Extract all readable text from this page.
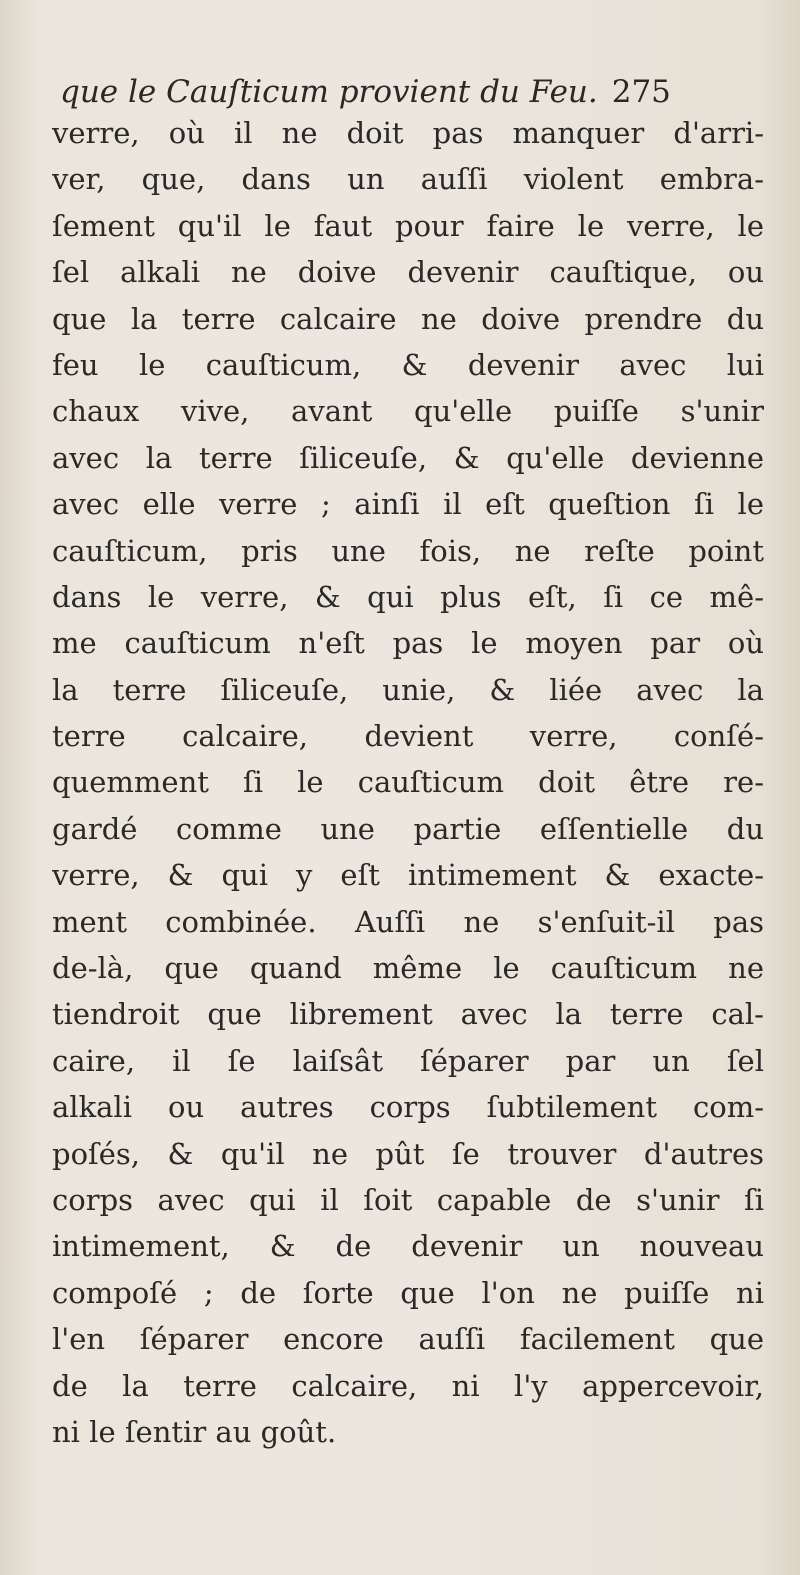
que le Cauſticum provient du Feu. 275
verre, où il ne doit pas manquer d'arri-
ver, que, dans un auſſi violent embra-
ſement qu'il le faut pour faire le verre, le
ſel alkali ne doive devenir cauſtique, ou
que la terre calcaire ne doive prendre du
feu le cauſticum, & devenir avec lui
chaux vive, avant qu'elle puiſſe s'unir
avec la terre ſiliceuſe, & qu'elle devienne
avec elle verre ; ainſi il eſt queſtion ſi le
cauſticum, pris une fois, ne reſte point
dans le verre, & qui plus eſt, ſi ce mê-
me cauſticum n'eſt pas le moyen par où
la terre ſiliceuſe, unie, & liée avec la
terre calcaire, devient verre, conſé-
quemment ſi le cauſticum doit être re-
gardé comme une partie eſſentielle du
verre, & qui y eſt intimement & exacte-
ment combinée. Auſſi ne s'enſuit-il pas
de-là, que quand même le cauſticum ne
tiendroit que librement avec la terre cal-
caire, il ſe laiſsât ſéparer par un ſel
alkali ou autres corps ſubtilement com-
poſés, & qu'il ne pût ſe trouver d'autres
corps avec qui il ſoit capable de s'unir ſi
intimement, & de devenir un nouveau
compoſé ; de ſorte que l'on ne puiſſe ni
l'en ſéparer encore auſſi facilement que
de la terre calcaire, ni l'y appercevoir,
ni le ſentir au goût.
